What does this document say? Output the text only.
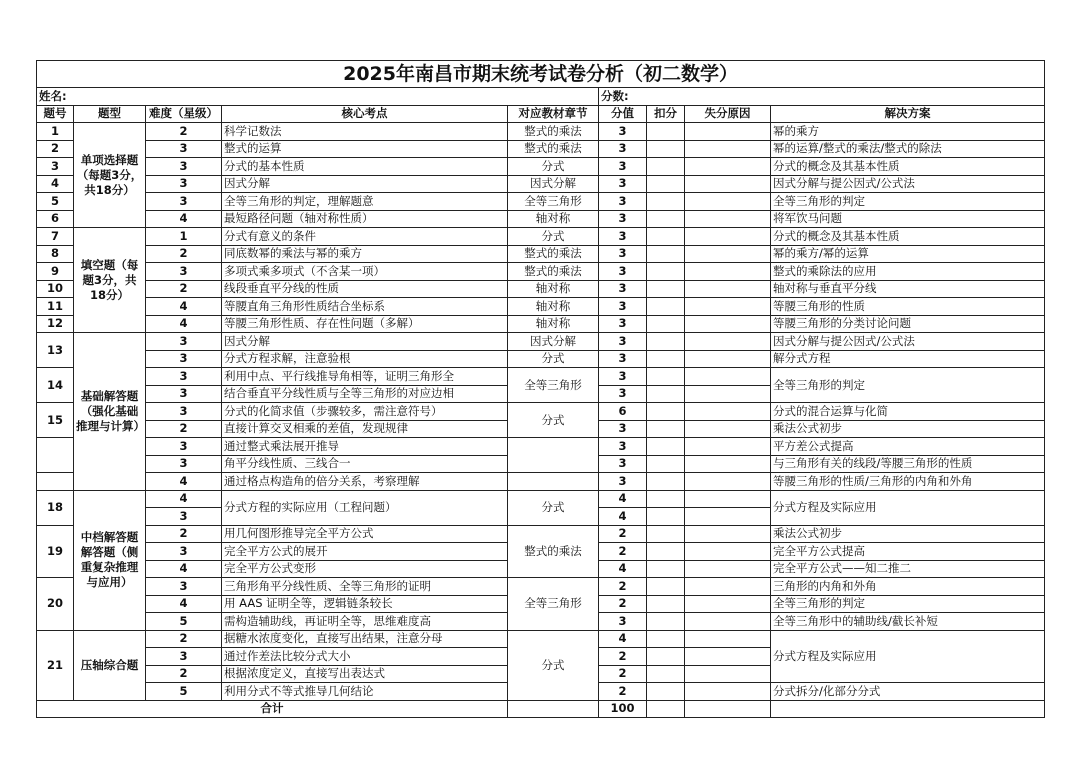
2025年南昌市期末统考试卷分析（初二数学）								
姓名:					分数:			
题号	题型	难度（星级）	核心考点	对应教材章节	分值	扣分	失分原因	解决方案
1	单项选择题（每题3分，共18分）	2	科学记数法	整式的乘法	3			幂的乘方
2		3	整式的运算	整式的乘法	3			幂的运算/整式的乘法/整式的除法
3		3	分式的基本性质	分式	3			分式的概念及其基本性质
4		3	因式分解	因式分解	3			因式分解与提公因式/公式法
5		3	全等三角形的判定，理解题意	全等三角形	3			全等三角形的判定
6		4	最短路径问题（轴对称性质）	轴对称	3			将军饮马问题
7	填空题（每题3分，共18分）	1	分式有意义的条件	分式	3			分式的概念及其基本性质
8		2	同底数幂的乘法与幂的乘方	整式的乘法	3			幂的乘方/幂的运算
9		3	多项式乘多项式（不含某一项）	整式的乘法	3			整式的乘除法的应用
10		2	线段垂直平分线的性质	轴对称	3			轴对称与垂直平分线
11		4	等腰直角三角形性质结合坐标系	轴对称	3			等腰三角形的性质
12		4	等腰三角形性质、存在性问题（多解）	轴对称	3			等腰三角形的分类讨论问题
13	基础解答题（强化基础推理与计算）	3	因式分解	因式分解	3			因式分解与提公因式/公式法
		3	分式方程求解，注意验根	分式	3			解分式方程
14		3	利用中点、平行线推导角相等，证明三角形全	全等三角形	3			全等三角形的判定
		3	结合垂直平分线性质与全等三角形的对应边相		3			
15		3	分式的化简求值（步骤较多，需注意符号）	分式	6			分式的混合运算与化简
		2	直接计算交叉相乘的差值，发现规律		3			乘法公式初步
		3	通过整式乘法展开推导		3			平方差公式提高
		3	角平分线性质、三线合一		3			与三角形有关的线段/等腰三角形的性质
		4	通过格点构造角的倍分关系，考察理解		3			等腰三角形的性质/三角形的内角和外角
18	中档解答题解答题（侧重复杂推理与应用）	4	分式方程的实际应用（工程问题）	分式	4			分式方程及实际应用
		3			4			
19		2	用几何图形推导完全平方公式	整式的乘法	2			乘法公式初步
		3	完全平方公式的展开		2			完全平方公式提高
		4	完全平方公式变形		4			完全平方公式——知二推二
20		3	三角形角平分线性质、全等三角形的证明	全等三角形	2			三角形的内角和外角
		4	用 AAS 证明全等，逻辑链条较长		2			全等三角形的判定
		5	需构造辅助线，再证明全等，思维难度高		3			全等三角形中的辅助线/截长补短
21	压轴综合题	2	据糖水浓度变化，直接写出结果，注意分母	分式	4			分式方程及实际应用
		3	通过作差法比较分式大小		2			
		2	根据浓度定义，直接写出表达式		2			
		5	利用分式不等式推导几何结论		2			分式拆分/化部分分式
合计					100			
